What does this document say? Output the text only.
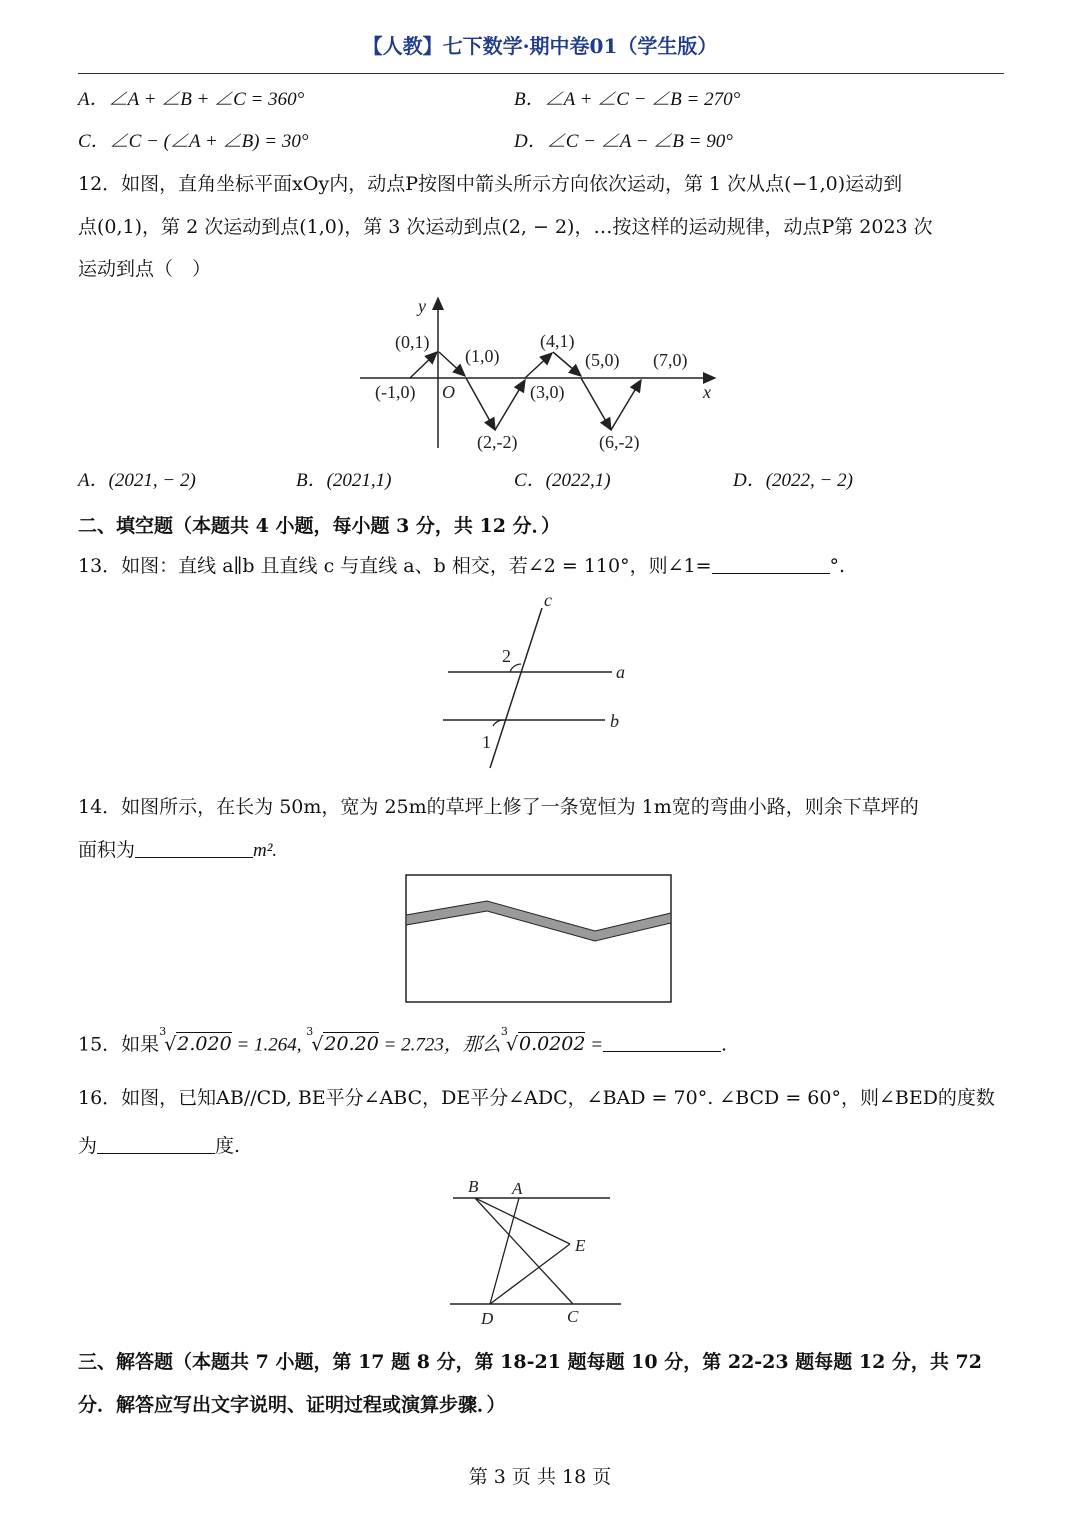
【人教】七下数学·期中卷01（学生版）
A．∠A + ∠B + ∠C = 360°	B．∠A + ∠C − ∠B = 270°
C．∠C − (∠A + ∠B) = 30°	D．∠C − ∠A − ∠B = 90°
12．如图，直角坐标平面xOy内，动点P按图中箭头所示方向依次运动，第 1 次从点(−1,0)运动到
点(0,1)，第 2 次运动到点(1,0)，第 3 次运动到点(2, − 2)，…按这样的运动规律，动点P第 2023 次
运动到点（　）
y
x
O
(0,1)
(1,0)
(4,1)
(5,0) (7,0)
(-1,0)	(3,0)
(2,-2)	(6,-2)
A．(2021, − 2)	B．(2021,1)	C．(2022,1)	D．(2022, − 2)
二、填空题（本题共 4 小题，每小题 3 分，共 12 分．）
13．如图：直线 a∥b 且直线 c 与直线 a、b 相交，若∠2 = 110°，则∠1=	°.
c
a
b
2
1
14．如图所示，在长为 50m，宽为 25m的草坪上修了一条宽恒为 1m宽的弯曲小路，则余下草坪的
面积为	m².
15．如果$^3$√2.020 = 1.264, $^3$√20.20 = 2.723，那么$^3$√0.0202 =	.
16．如图，已知AB//CD, BE平分∠ABC，DE平分∠ADC，∠BAD = 70°. ∠BCD = 60°，则∠BED的度数
为	度.
B A
E
D	C
三、解答题（本题共 7 小题，第 17 题 8 分，第 18-21 题每题 10 分，第 22-23 题每题 12 分，共 72
分．解答应写出文字说明、证明过程或演算步骤．）
第 3 页 共 18 页
